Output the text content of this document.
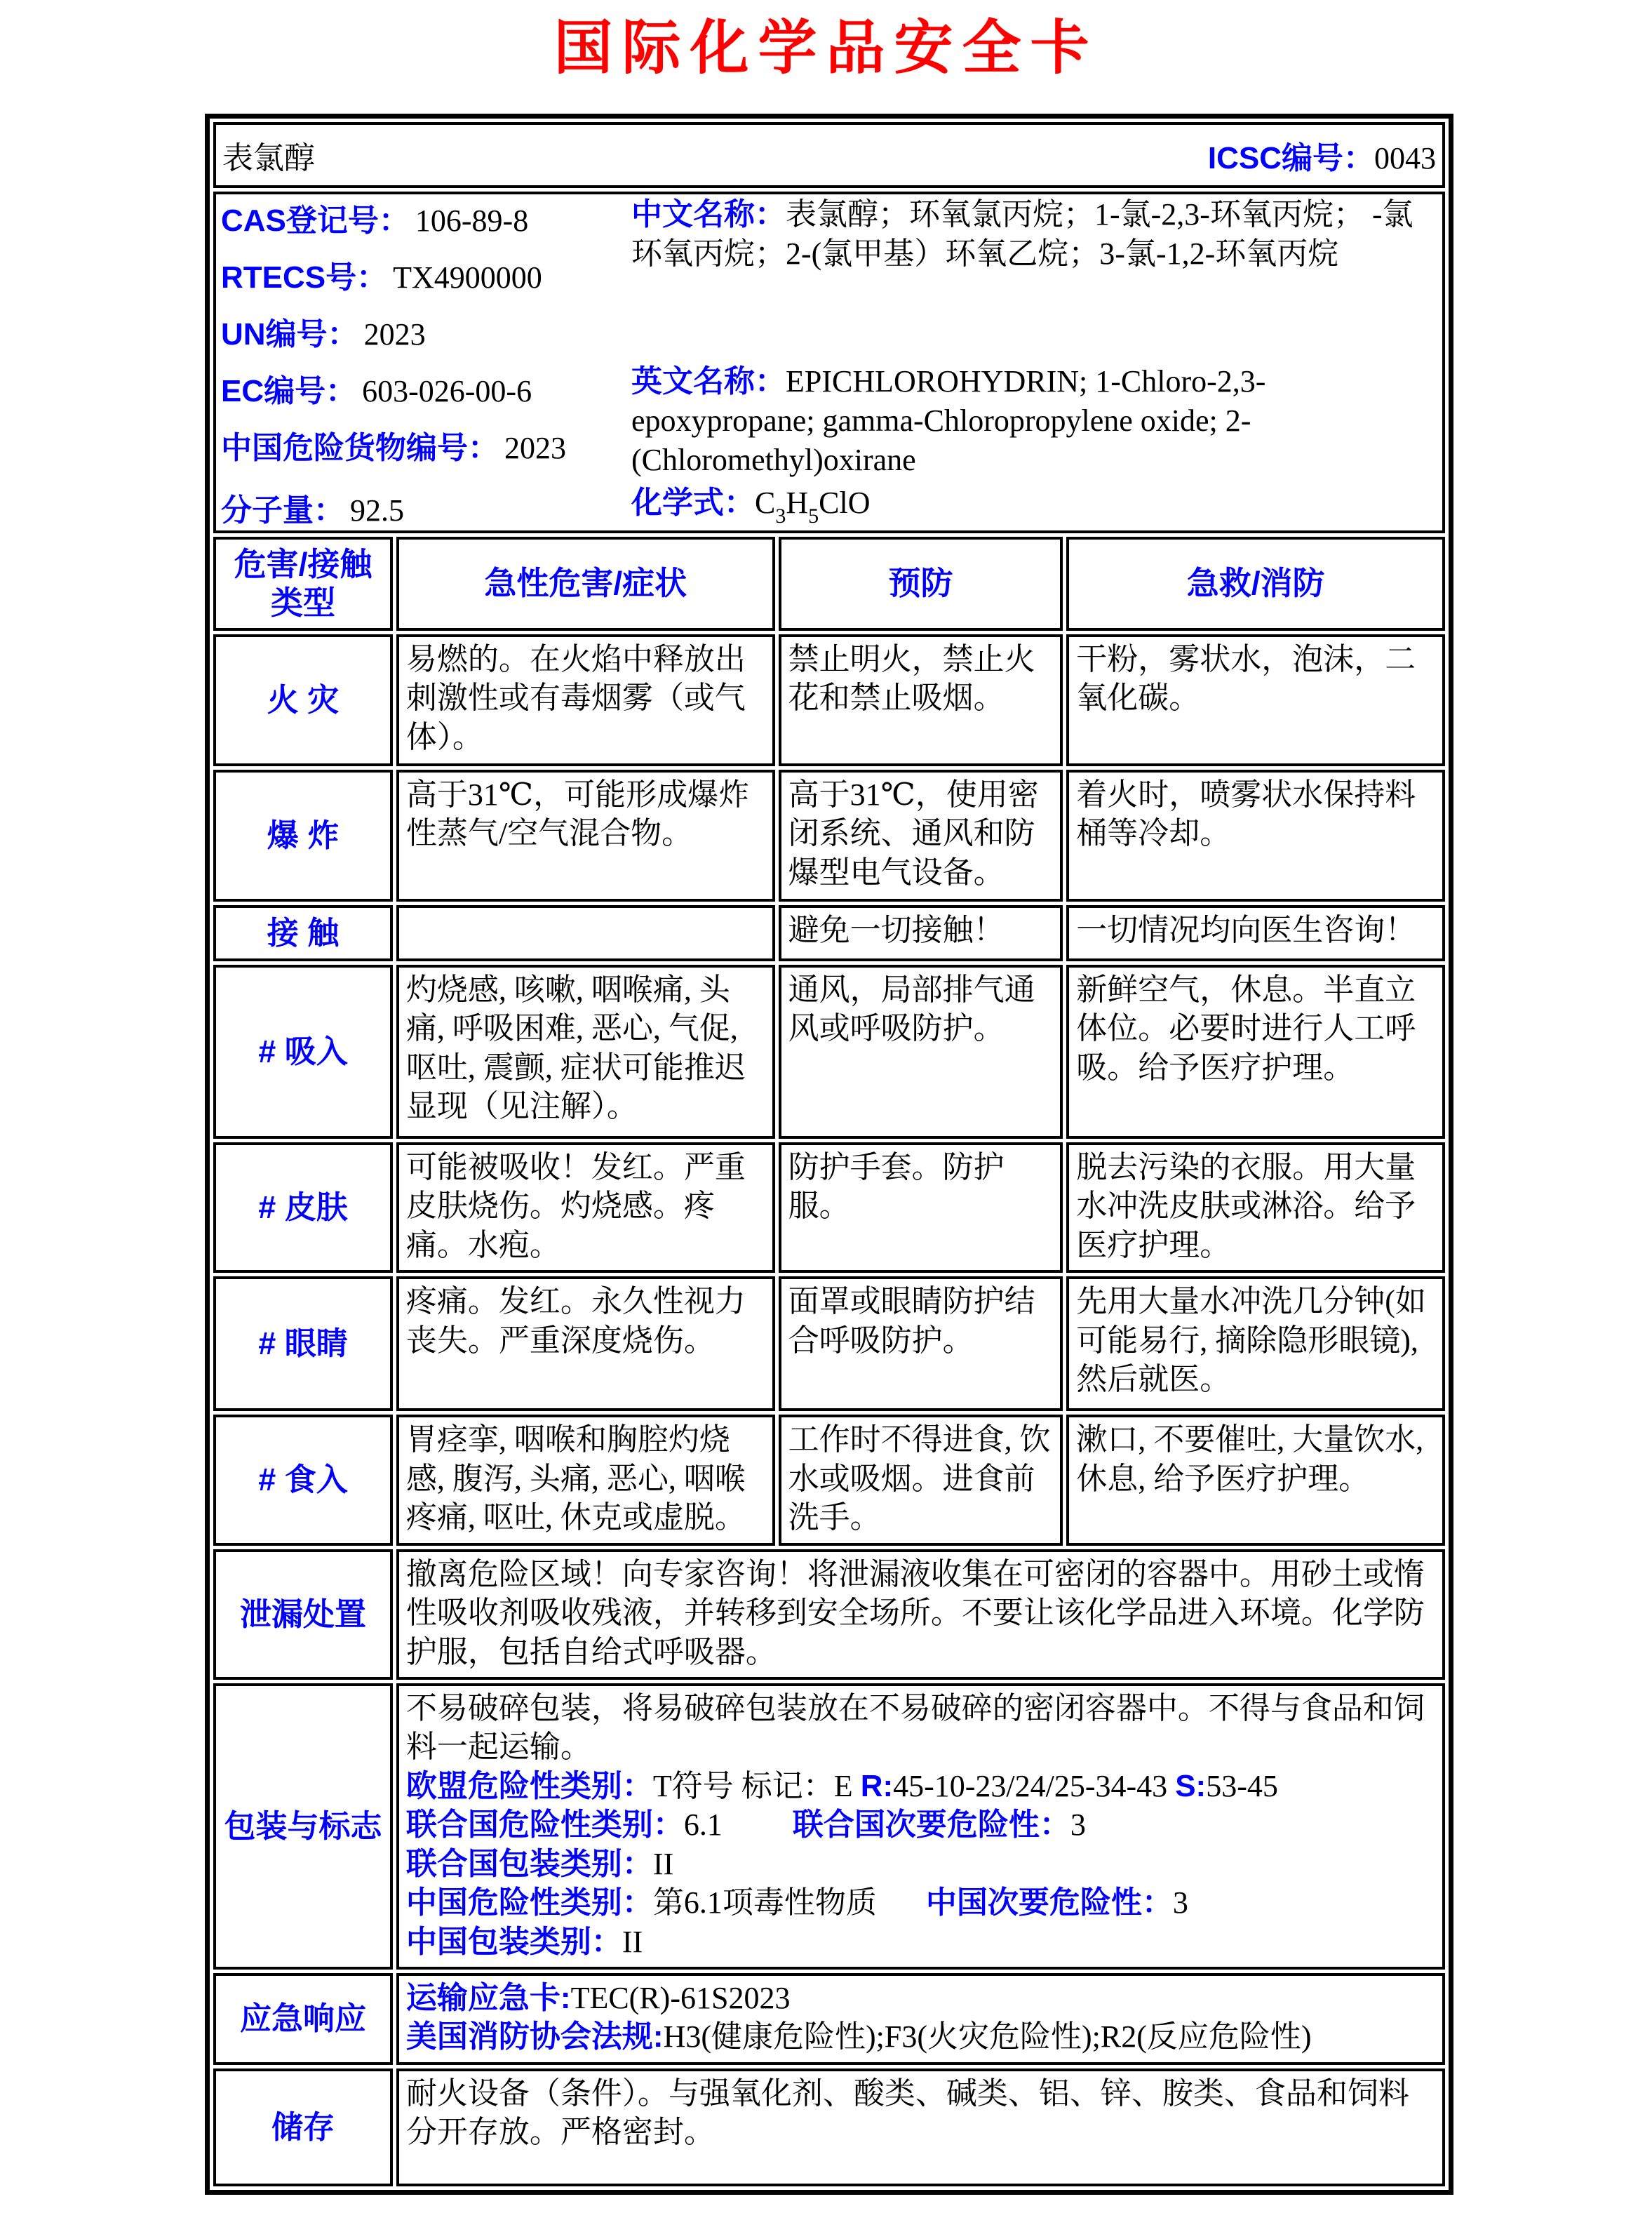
国际化学品安全卡
表氯醇 ICSC编号：0043			

CAS登记号： 106-89-8
RTECS号： TX4900000
UN编号： 2023
EC编号： 603-026-00-6
中国危险货物编号： 2023
分子量： 92.5

中文名称：表氯醇；环氧氯丙烷；1-氯-2,3-环氧丙烷； -氯环氧丙烷；2-(氯甲基）环氧乙烷；3-氯-1,2-环氧丙烷

英文名称：EPICHLOROHYDRIN; 1-Chloro-2,3-epoxypropane; gamma-Chloropropylene oxide; 2-(Chloromethyl)oxirane

化学式：$C_3H_5ClO$

危害/接触类型	急性危害/症状	预防	急救/消防
火 灾	易燃的。在火焰中释放出刺激性或有毒烟雾（或气体）。	禁止明火，禁止火花和禁止吸烟。	干粉，雾状水，泡沫，二氧化碳。
爆 炸	高于31℃，可能形成爆炸性蒸气/空气混合物。	高于31℃，使用密闭系统、通风和防爆型电气设备。	着火时，喷雾状水保持料桶等冷却。
接 触		避免一切接触！	一切情况均向医生咨询！
# 吸入	灼烧感, 咳嗽, 咽喉痛, 头痛, 呼吸困难, 恶心, 气促, 呕吐, 震颤, 症状可能推迟显现（见注解）。	通风，局部排气通风或呼吸防护。	新鲜空气，休息。半直立体位。必要时进行人工呼吸。给予医疗护理。
# 皮肤	可能被吸收！发红。严重皮肤烧伤。灼烧感。疼痛。水疱。	防护手套。防护服。	脱去污染的衣服。用大量水冲洗皮肤或淋浴。给予医疗护理。
# 眼睛	疼痛。发红。永久性视力丧失。严重深度烧伤。	面罩或眼睛防护结合呼吸防护。	先用大量水冲洗几分钟(如可能易行, 摘除隐形眼镜), 然后就医。
# 食入	胃痉挛, 咽喉和胸腔灼烧感, 腹泻, 头痛, 恶心, 咽喉疼痛, 呕吐, 休克或虚脱。	工作时不得进食, 饮水或吸烟。进食前洗手。	漱口, 不要催吐, 大量饮水, 休息, 给予医疗护理。
泄漏处置	撤离危险区域！向专家咨询！将泄漏液收集在可密闭的容器中。用砂土或惰性吸收剂吸收残液，并转移到安全场所。不要让该化学品进入环境。化学防护服，包括自给式呼吸器。		
包装与标志	

不易破碎包装，将易破碎包装放在不易破碎的密闭容器中。不得与食品和饲料一起运输。

欧盟危险性类别：T符号 标记：E R:45-10-23/24/25-34-43 S:53-45

联合国危险性类别：6.1 联合国次要危险性：3

联合国包装类别：II

中国危险性类别：第6.1项毒性物质 中国次要危险性：3

中国包装类别：II

应急响应	运输应急卡:TEC(R)-61S2023

美国消防协会法规:H3(健康危险性);F3(火灾危险性);R2(反应危险性)		

储存	耐火设备（条件）。与强氧化剂、酸类、碱类、铝、锌、胺类、食品和饲料分开存放。严格密封。		
